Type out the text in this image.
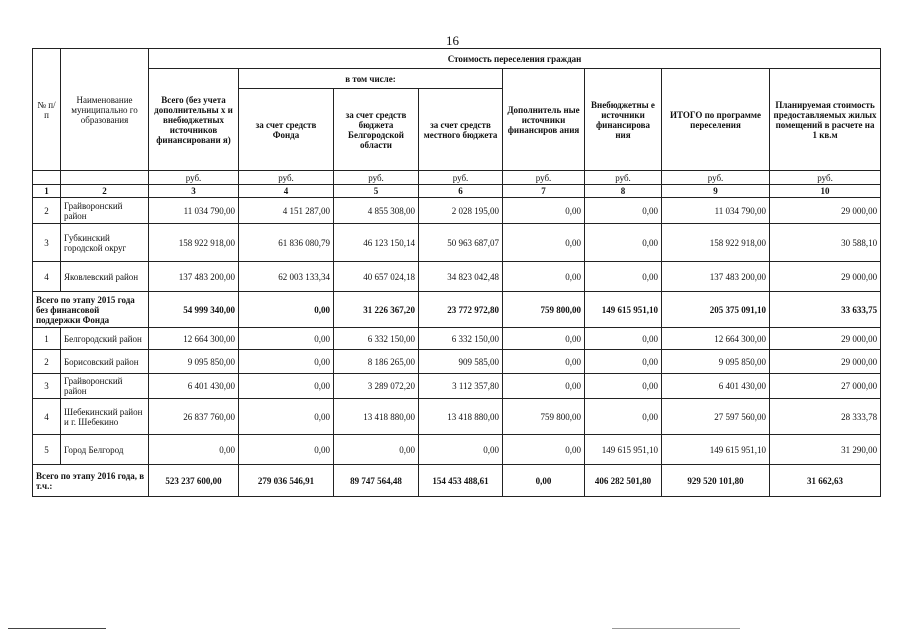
16
№ п/п	Наименование муниципально го образования	Стоимость переселения граждан							
		Всего (без учета дополнительны х и внебюджетных источников финансировани я)	в том числе:			Дополнитель ные источники финансиров ания	Внебюджетны е источники финансирова ния	ИТОГО по программе переселения	Планируемая стоимость предоставляемых жилых помещений в расчете на 1 кв.м
			за счет средств Фонда	за счет средств бюджета Белгородской области	за счет средств местного бюджета				
		руб.	руб.	руб.	руб.	руб.	руб.	руб.	руб.
1	2	3	4	5	6	7	8	9	10
2	Грайворонский район	11 034 790,00	4 151 287,00	4 855 308,00	2 028 195,00	0,00	0,00	11 034 790,00	29 000,00
3	Губкинский городской округ	158 922 918,00	61 836 080,79	46 123 150,14	50 963 687,07	0,00	0,00	158 922 918,00	30 588,10
4	Яковлевский район	137 483 200,00	62 003 133,34	40 657 024,18	34 823 042,48	0,00	0,00	137 483 200,00	29 000,00
Всего по этапу 2015 года без финансовой поддержки Фонда		54 999 340,00	0,00	31 226 367,20	23 772 972,80	759 800,00	149 615 951,10	205 375 091,10	33 633,75
1	Белгородский район	12 664 300,00	0,00	6 332 150,00	6 332 150,00	0,00	0,00	12 664 300,00	29 000,00
2	Борисовский район	9 095 850,00	0,00	8 186 265,00	909 585,00	0,00	0,00	9 095 850,00	29 000,00
3	Грайворонский район	6 401 430,00	0,00	3 289 072,20	3 112 357,80	0,00	0,00	6 401 430,00	27 000,00
4	Шебекинский район и г. Шебекино	26 837 760,00	0,00	13 418 880,00	13 418 880,00	759 800,00	0,00	27 597 560,00	28 333,78
5	Город Белгород	0,00	0,00	0,00	0,00	0,00	149 615 951,10	149 615 951,10	31 290,00
Всего по этапу 2016 года, в т.ч.:		523 237 600,00	279 036 546,91	89 747 564,48	154 453 488,61	0,00	406 282 501,80	929 520 101,80	31 662,63
